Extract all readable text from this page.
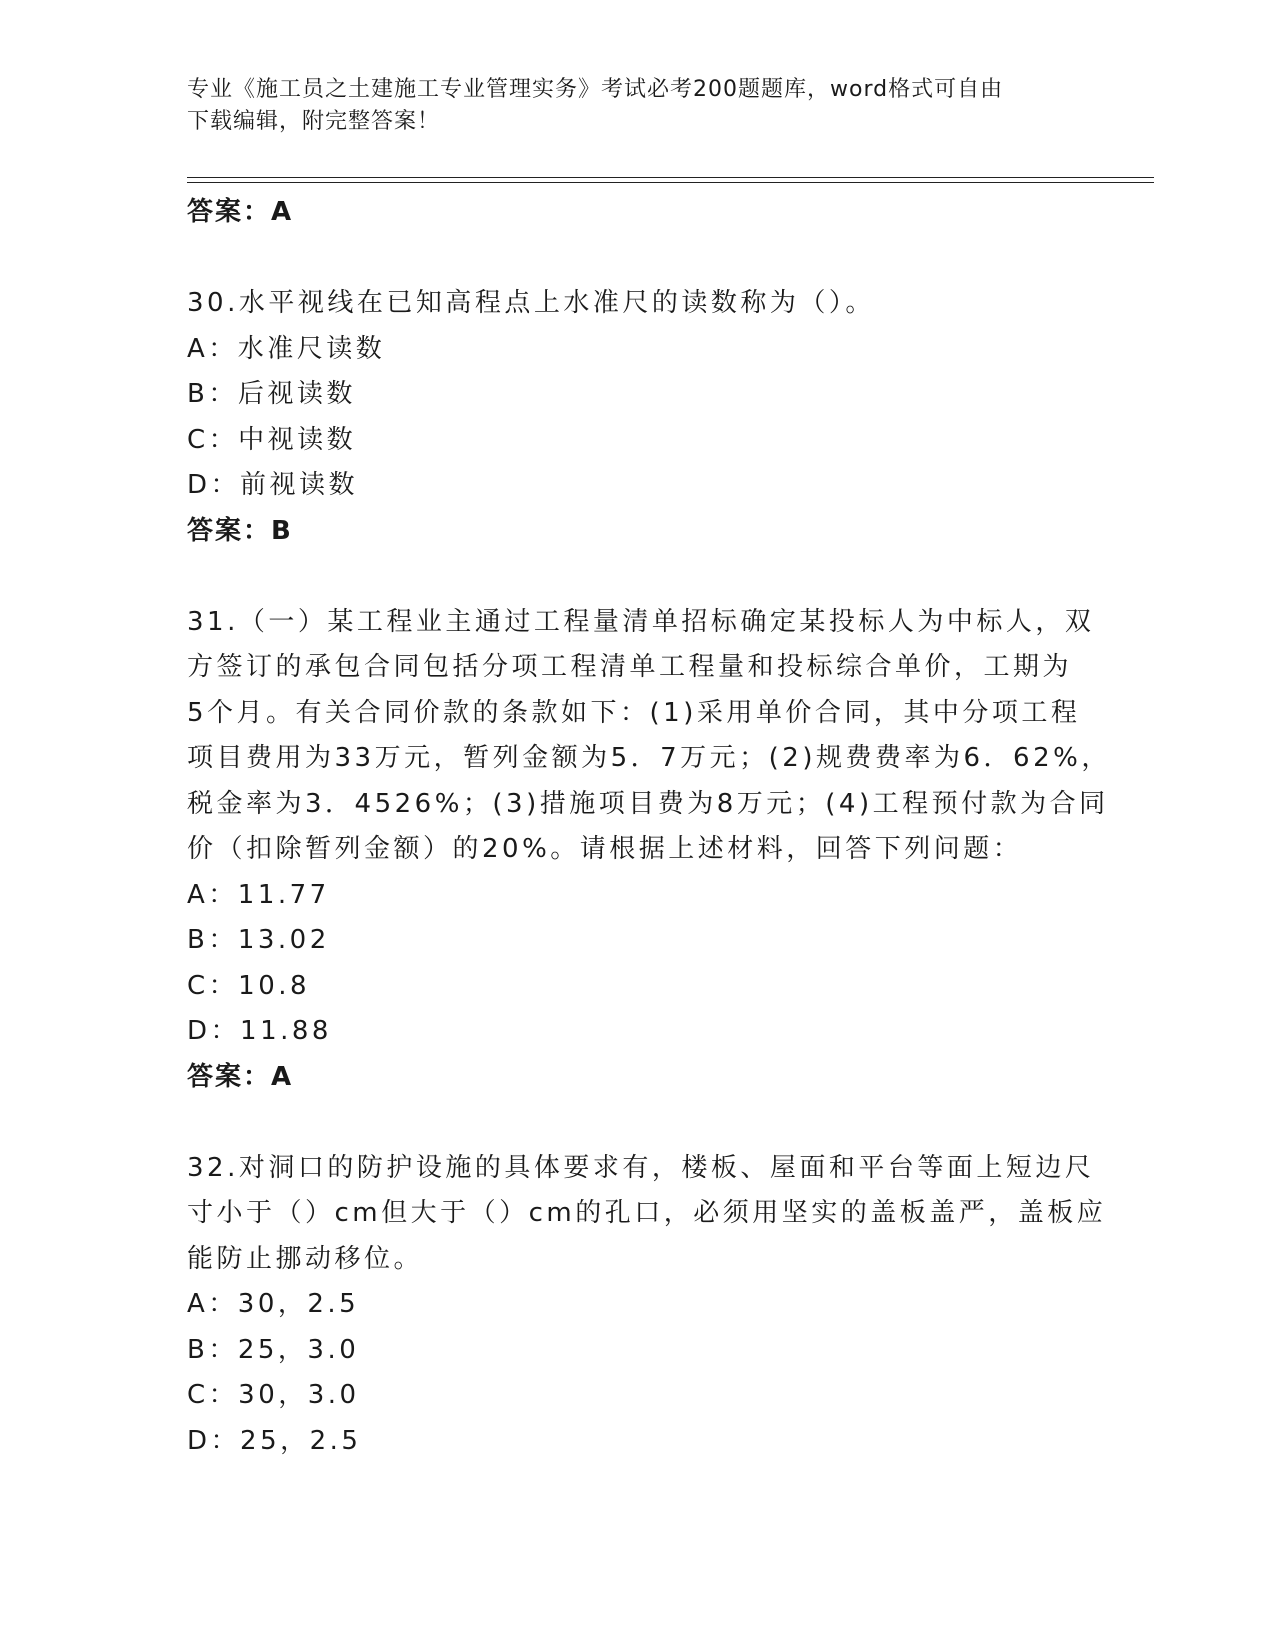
专业《施工员之土建施工专业管理实务》考试必考200题题库，word格式可自由
下载编辑，附完整答案！
答案：A
30.水平视线在已知高程点上水准尺的读数称为（）。
A：水准尺读数
B：后视读数
C：中视读数
D：前视读数
答案：B
31.（一）某工程业主通过工程量清单招标确定某投标人为中标人，双
方签订的承包合同包括分项工程清单工程量和投标综合单价，工期为
5个月。有关合同价款的条款如下：(1)采用单价合同，其中分项工程
项目费用为33万元，暂列金额为5．7万元；(2)规费费率为6．62%，
税金率为3．4526%；(3)措施项目费为8万元；(4)工程预付款为合同
价（扣除暂列金额）的20%。请根据上述材料，回答下列问题：
A：11.77
B：13.02
C：10.8
D：11.88
答案：A
32.对洞口的防护设施的具体要求有，楼板、屋面和平台等面上短边尺
寸小于（）cm但大于（）cm的孔口，必须用坚实的盖板盖严，盖板应
能防止挪动移位。
A：30，2.5
B：25，3.0
C：30，3.0
D：25，2.5
